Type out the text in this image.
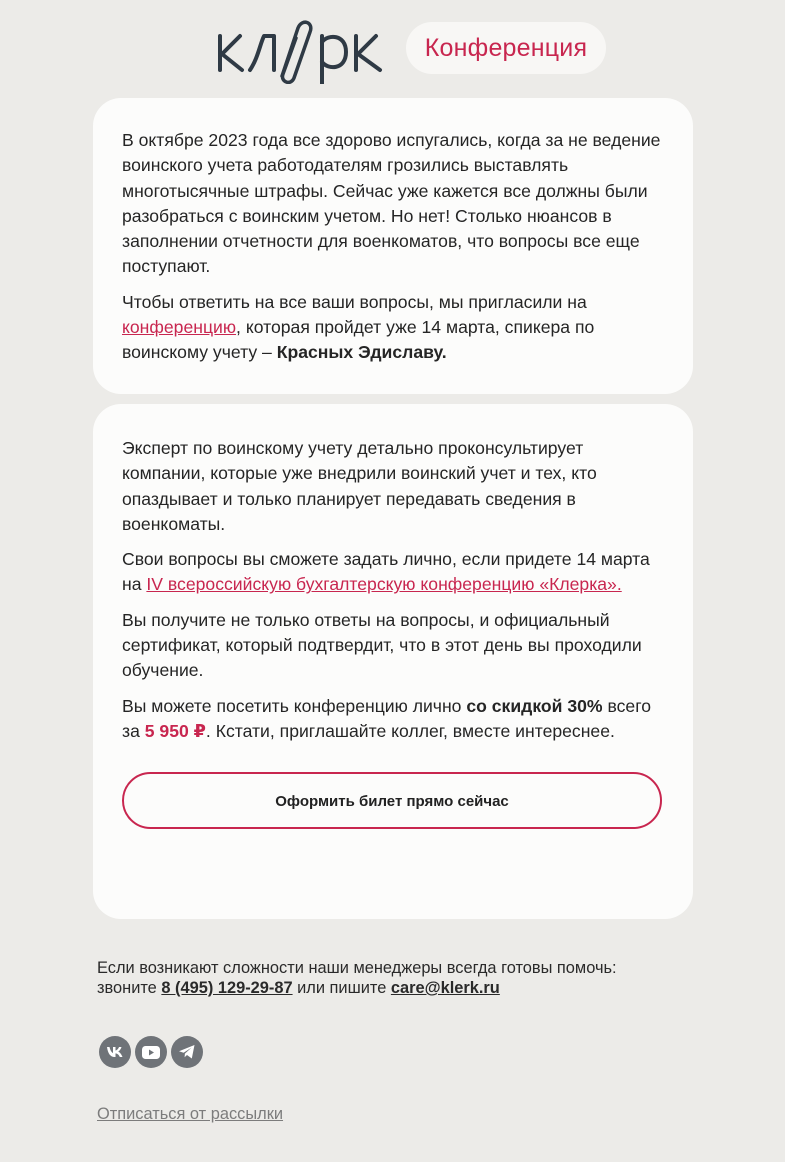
Конференция

В октябре 2023 года все здорово испугались, когда за не ведение воинского учета работодателям грозились выставлять многотысячные штрафы. Сейчас уже кажется все должны были разобраться с воинским учетом. Но нет! Столько нюансов в заполнении отчетности для военкоматов, что вопросы все еще поступают.

Чтобы ответить на все ваши вопросы, мы пригласили на конференцию, которая пройдет уже 14 марта, спикера по воинскому учету – Красных Эдиславу.

Эксперт по воинскому учету детально проконсультирует компании, которые уже внедрили воинский учет и тех, кто опаздывает и только планирует передавать сведения в военкоматы.

Свои вопросы вы сможете задать лично, если придете 14 марта на IV всероссийскую бухгалтерскую конференцию «Клерка».

Вы получите не только ответы на вопросы, и официальный сертификат, который подтвердит, что в этот день вы проходили обучение.

Вы можете посетить конференцию лично со скидкой 30% всего за 5 950 ₽. Кстати, приглашайте коллег, вместе интереснее.

Оформить билет прямо сейчас
Если возникают сложности наши менеджеры всегда готовы помочь:
звоните 8 (495) 129-29-87 или пишите care@klerk.ru
Отписаться от рассылки
